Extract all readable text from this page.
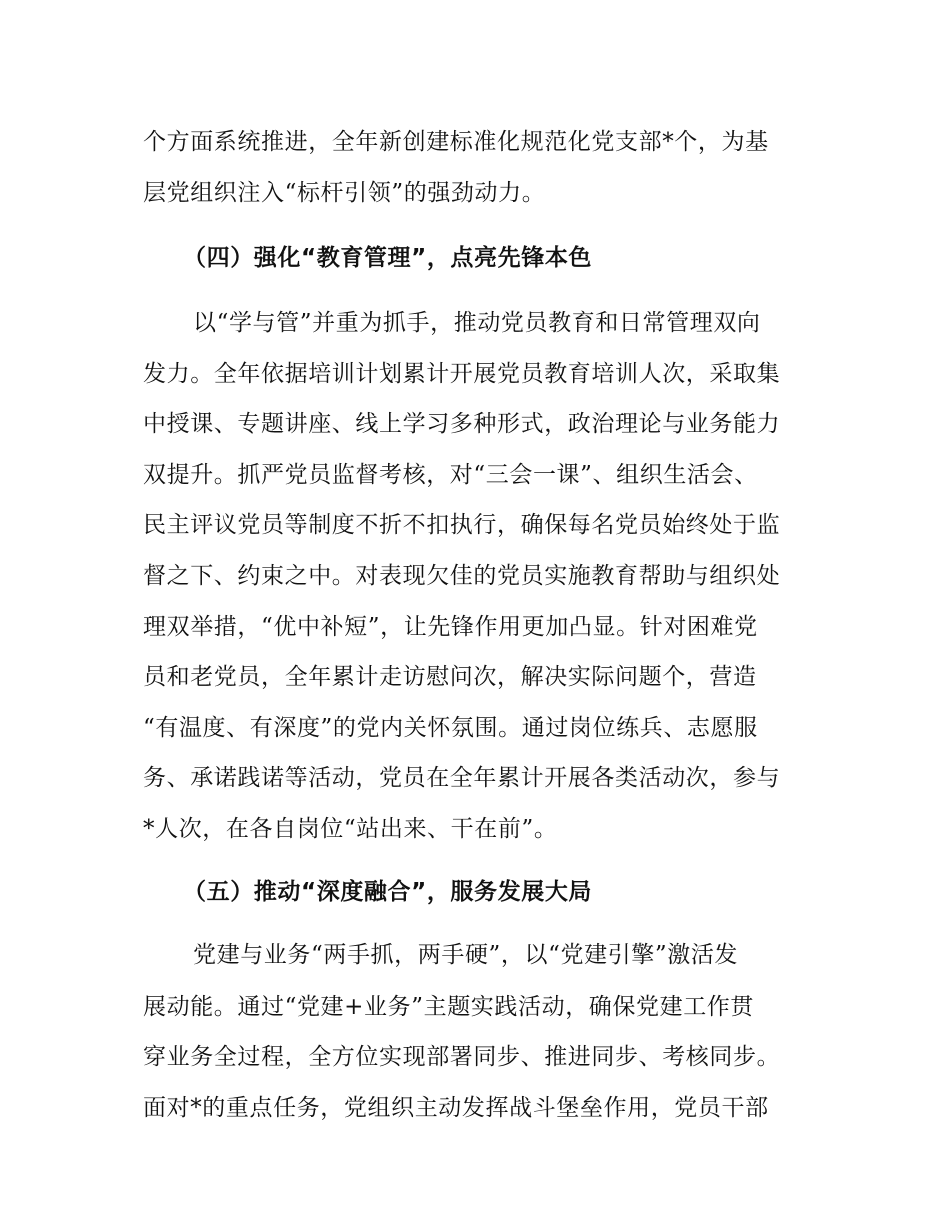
个方面系统推进，全年新创建标准化规范化党支部*个，为基
层党组织注入“标杆引领”的强劲动力。
（四）强化“教育管理”，点亮先锋本色
以“学与管”并重为抓手，推动党员教育和日常管理双向
发力。全年依据培训计划累计开展党员教育培训人次，采取集
中授课、专题讲座、线上学习多种形式，政治理论与业务能力
双提升。抓严党员监督考核，对“三会一课”、组织生活会、
民主评议党员等制度不折不扣执行，确保每名党员始终处于监
督之下、约束之中。对表现欠佳的党员实施教育帮助与组织处
理双举措，“优中补短”，让先锋作用更加凸显。针对困难党
员和老党员，全年累计走访慰问次，解决实际问题个，营造
“有温度、有深度”的党内关怀氛围。通过岗位练兵、志愿服
务、承诺践诺等活动，党员在全年累计开展各类活动次，参与
*人次，在各自岗位“站出来、干在前”。
（五）推动“深度融合”，服务发展大局
党建与业务“两手抓，两手硬”，以“党建引擎”激活发
展动能。通过“党建+业务”主题实践活动，确保党建工作贯
穿业务全过程，全方位实现部署同步、推进同步、考核同步。
面对*的重点任务，党组织主动发挥战斗堡垒作用，党员干部
